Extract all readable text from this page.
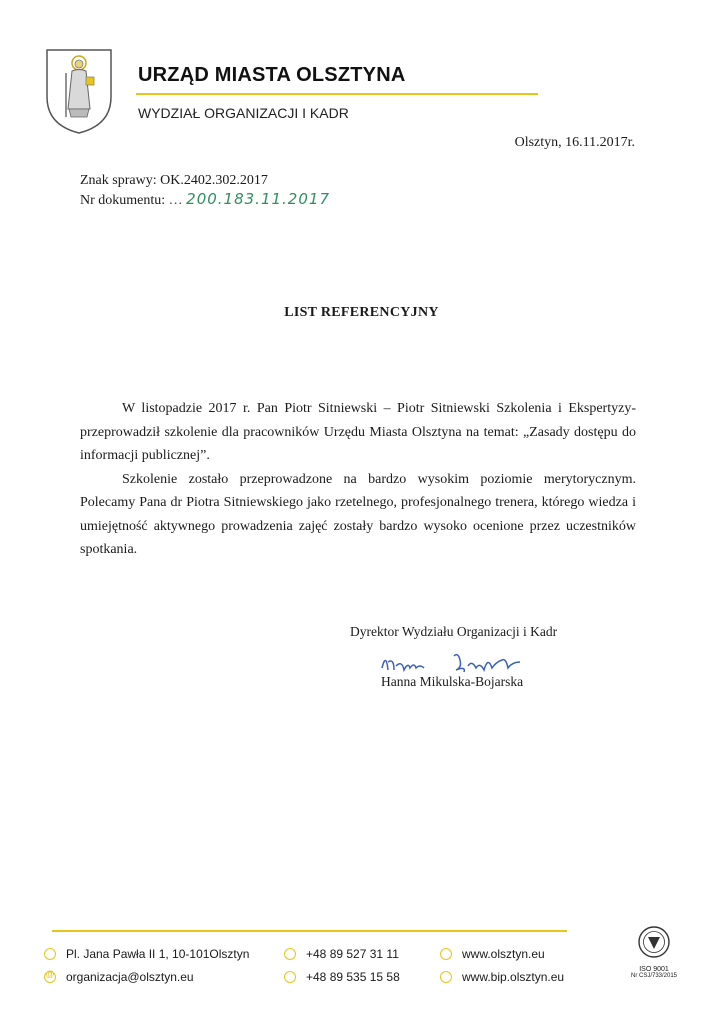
URZĄD MIASTA OLSZTYNA
WYDZIAŁ ORGANIZACJI I KADR
Olsztyn, 16.11.2017r.
Znak sprawy: OK.2402.302.2017
Nr dokumentu: … 200.183.11.2017
LIST REFERENCYJNY

W listopadzie 2017 r. Pan Piotr Sitniewski – Piotr Sitniewski Szkolenia i Ekspertyzy- przeprowadził szkolenie dla pracowników Urzędu Miasta Olsztyna na temat: „Zasady dostępu do informacji publicznej”.

Szkolenie zostało przeprowadzone na bardzo wysokim poziomie merytorycznym. Polecamy Pana dr Piotra Sitniewskiego jako rzetelnego, profesjonalnego trenera, którego wiedza i umiejętność aktywnego prowadzenia zajęć zostały bardzo wysoko ocenione przez uczestników spotkania.

Dyrektor Wydziału Organizacji i Kadr
Hanna Mikulska-Bojarska
Pl. Jana Pawła II 1, 10-101Olsztyn
@
organizacja@olsztyn.eu
+48 89 527 31 11
+48 89 535 15 58
www.olsztyn.eu
www.bip.olsztyn.eu
ISO 9001
Nr CSJ/733/2015
